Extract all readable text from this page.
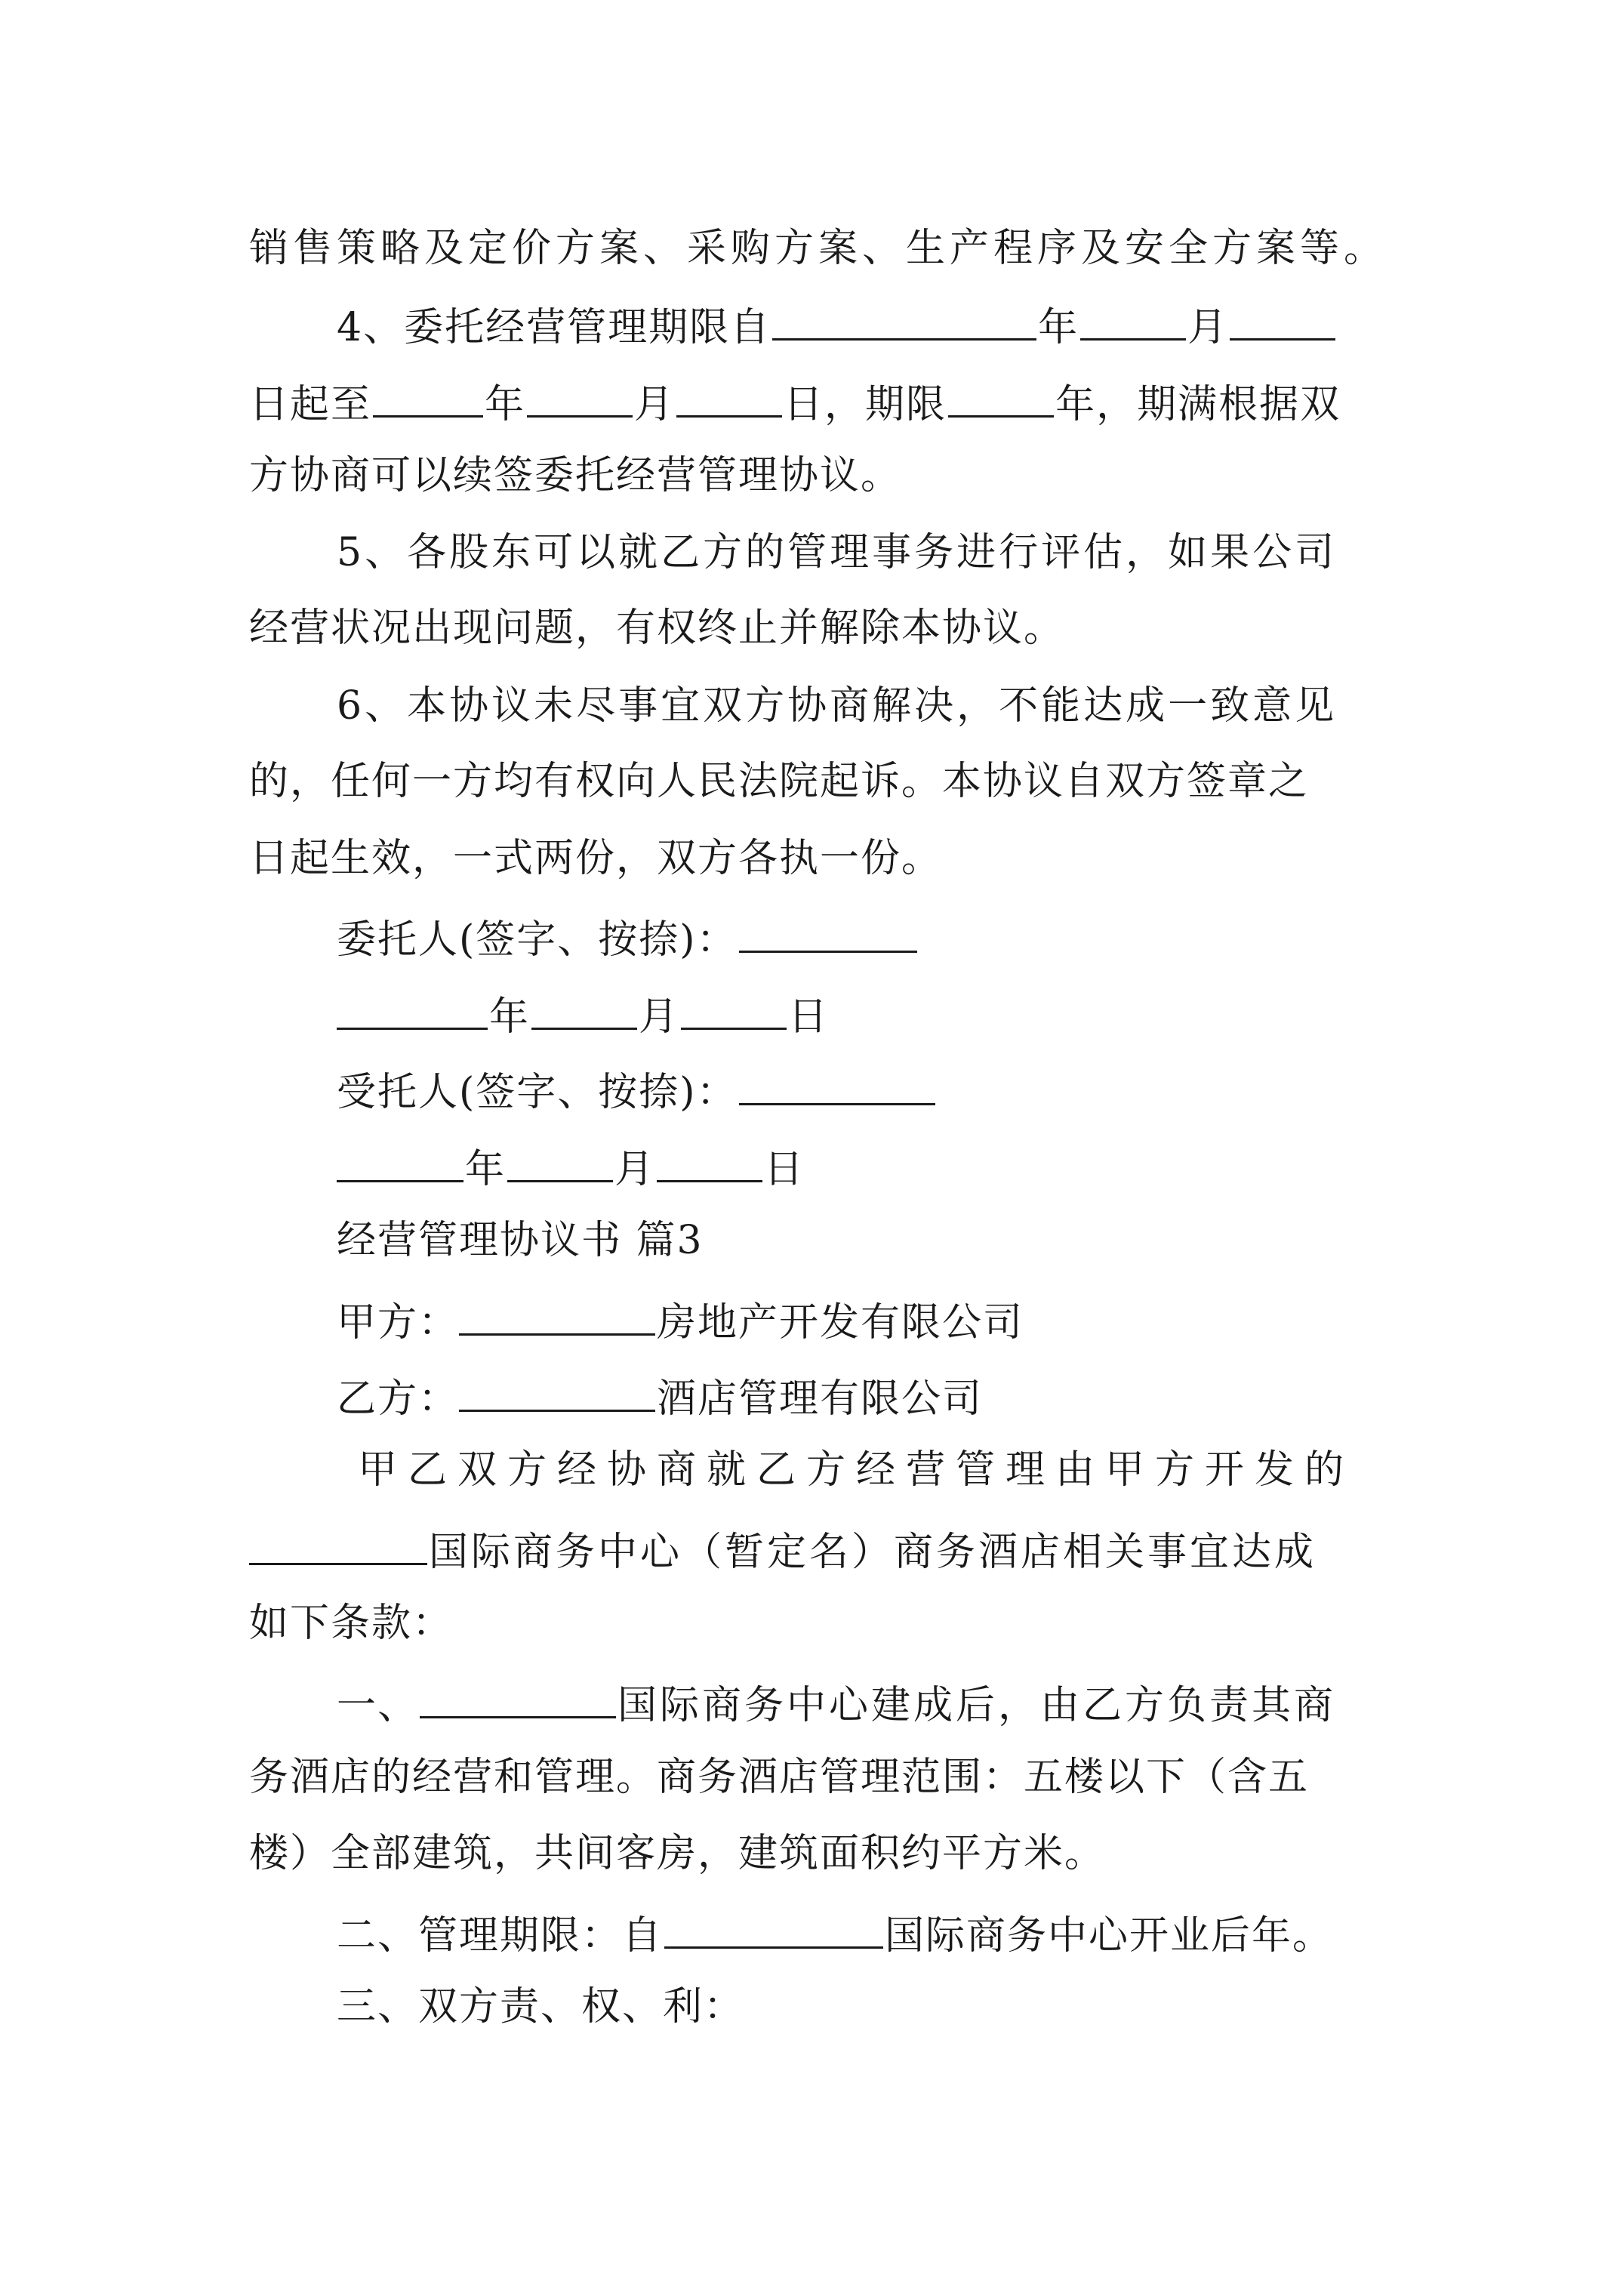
销售策略及定价方案、采购方案、生产程序及安全方案等。
4、委托经营管理期限自	年	月
日起至	年	月	日，期限	年，期满根据双
方协商可以续签委托经营管理协议。
5、各股东可以就乙方的管理事务进行评估，如果公司
经营状况出现问题，有权终止并解除本协议。
6、本协议未尽事宜双方协商解决，不能达成一致意见
的，任何一方均有权向人民法院起诉。本协议自双方签章之
日起生效，一式两份，双方各执一份。
委托人(签字、按捺)：
年	月	日
受托人(签字、按捺)：
年	月	日
经营管理协议书 篇3
甲方：	房地产开发有限公司
乙方：	酒店管理有限公司
甲乙双方经协商就乙方经营管理由甲方开发的
国际商务中心（暂定名）商务酒店相关事宜达成
如下条款：
一、	国际商务中心建成后，由乙方负责其商
务酒店的经营和管理。商务酒店管理范围：五楼以下（含五
楼）全部建筑，共间客房，建筑面积约平方米。
二、管理期限：自	国际商务中心开业后年。
三、双方责、权、利：
